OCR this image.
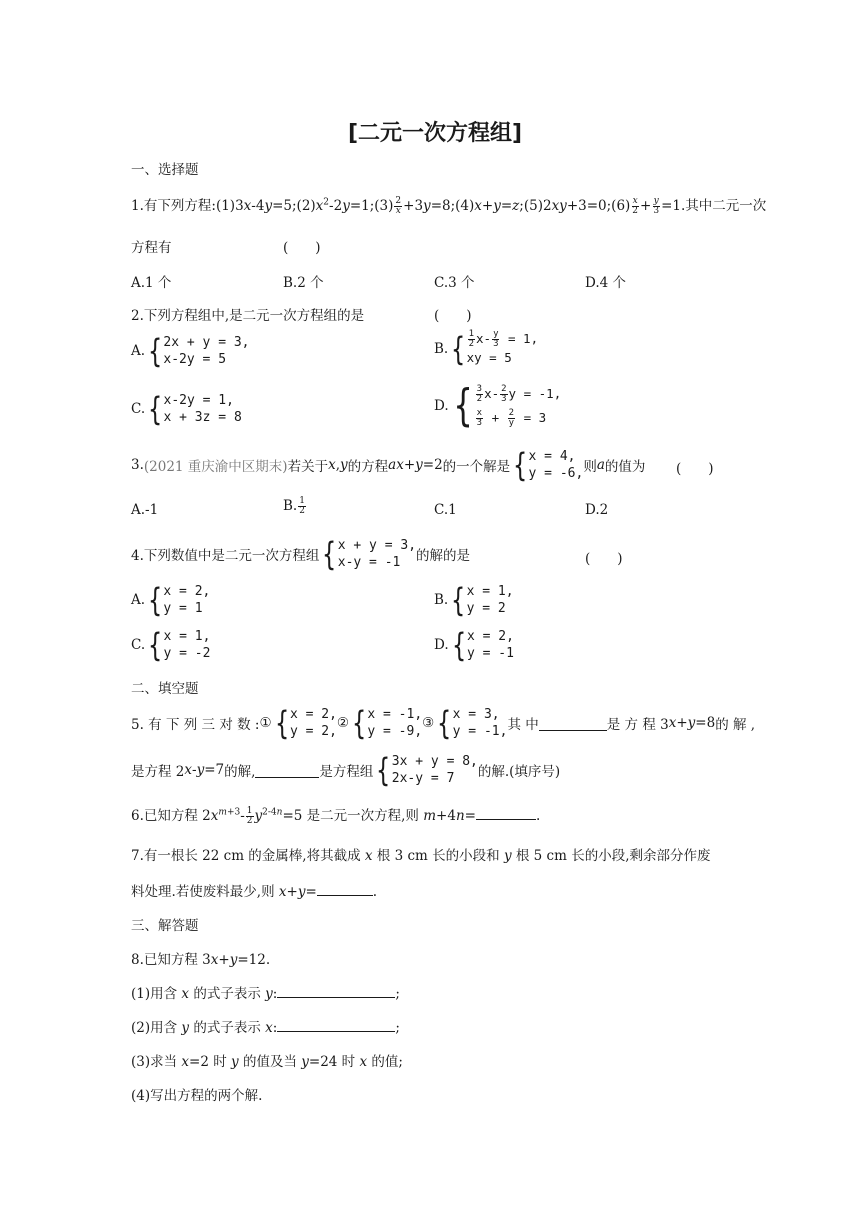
[二元一次方程组]
一、选择题
1.有下列方程$:(1)3x-4y=5;(2)x^2-2y=1;(3) \frac{2}{x}$ +3y=8;(4)x+y=z;(5)2xy+3=0;(6) $\frac{x}{2} + \frac{y}{3} =1$.其中二元一次
方程有	(　　)
A.1 个	B.2 个	C.3 个	D.4 个
2.下列方程组中,是二元一次方程组的是	(　　)
A. { 2x + y = 3,
x-2y = 5
B. { $\frac{1}{2} x- \frac{y}{3} = 1$,
xy = 5
C. { x-2y = 1,
x + 3z = 8
D. { $\frac{3}{2} x- \frac{2}{3}$ y = -1,
$\frac{x}{3} + \frac{2}{y} = 3$
3. (2021 重庆渝中区期末) 若关于 x , y 的方程 ax + y =2 的一个解是 { x = 4,
y = -6, 则 a 的值为 (　　)
A.-1	B. $\frac{1}{2}$	C.1	D.2
4.下列数值中是二元一次方程组 { x + y = 3,
x-y = -1	的解的是	(　　)
A. { x = 2,
y = 1
B. { x = 1,
y = 2
C. { x = 1,
y = -2
D. { x = 2,
y = -1
二、填空题
5. 有 下 列 三 对 数 : ① { x = 2,
y = 2,
② { x = -1,
y = -9,
③ { x = 3,
y = -1, 其 中	是 方 程 3 x + y =8 的 解 ,
是方程 2 x - y =7 的解,	是方程组 { 3x + y = 8,
2x-y = 7	的解.(填序号)
6.已知方程 $2x^{m+3}- \frac{1}{2} y^{2-4n}=5$ 是二元一次方程,则 m+4n=	.
7.有一根长 22 cm 的金属棒,将其截成 x 根 3 cm 长的小段和 y 根 5 cm 长的小段,剩余部分作废
料处理.若使废料最少,则 x+y=	.
三、解答题
8.已知方程 3x+y=12.
(1)用含 x 的式子表示 y:	;
(2)用含 y 的式子表示 x:	;
(3)求当 x=2 时 y 的值及当 y=24 时 x 的值;
(4)写出方程的两个解.
